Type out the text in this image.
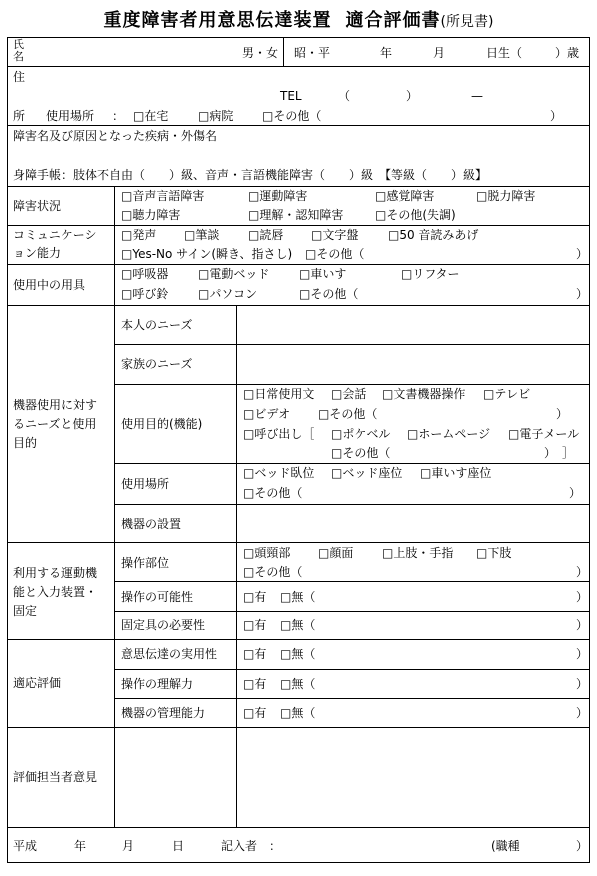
重度障害者用意思伝達装置 適合評価書(所見書)
氏
名	男・女 昭・平	年	月	日生（	）歳
住
TEL	（	）	—
所 使用場所 ： □在宅 □病院 □その他（	）
障害名及び原因となった疾病・外傷名
身障手帳：肢体不自由（　　）級、音声・言語機能障害（　　）級　【等級（　　）級】
障害状況
□音声言語障害	□運動障害	□感覚障害	□脱力障害
□聴力障害	□理解・認知障害	□その他(失調)
コミュニケーシ
ョン能力
□発声 □筆談 □読唇 □文字盤 □50 音読みあげ
□Yes-No サイン(瞬き、指さし) □その他（	）
使用中の用具
□呼吸器 □電動ベッド □車いす	□リフター
□呼び鈴 □パソコン	□その他（	）
機器使用に対す
るニーズと使用
目的
本人のニーズ
家族のニーズ
使用目的(機能)
□日常使用文 □会話 □文書機器操作 □テレビ
□ビデオ □その他（	）
□呼び出し［ □ポケベル □ホームページ □電子メール
□その他（	）　］
使用場所
□ベッド臥位 □ベッド座位 □車いす座位
□その他（	）
機器の設置
利用する運動機
能と入力装置・
固定
操作部位
□頭頸部 □顔面 □上肢・手指 □下肢
□その他（	）
操作の可能性	□有 □無（	）
固定具の必要性	□有 □無（	）
適応評価
意思伝達の実用性 □有 □無（	）
操作の理解力	□有 □無（	）
機器の管理能力	□有 □無（	）
評価担当者意見
平成	年	月	日	記入者　：	(職種	）
